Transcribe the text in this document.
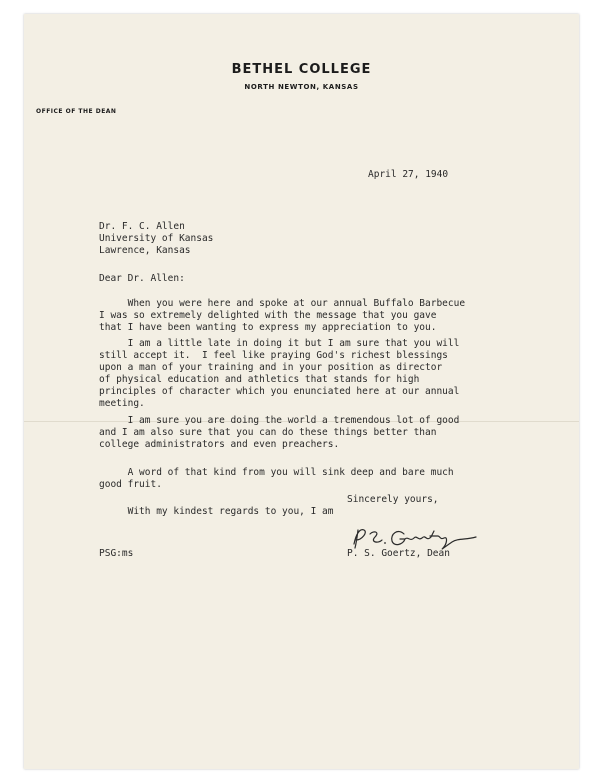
BETHEL COLLEGE
NORTH NEWTON, KANSAS
OFFICE OF THE DEAN
April 27, 1940
Dr. F. C. Allen
University of Kansas
Lawrence, Kansas
Dear Dr. Allen:
When you were here and spoke at our annual Buffalo Barbecue
I was so extremely delighted with the message that you gave
that I have been wanting to express my appreciation to you.
I am a little late in doing it but I am sure that you will
still accept it.  I feel like praying God's richest blessings
upon a man of your training and in your position as director
of physical education and athletics that stands for high
principles of character which you enunciated here at our annual
meeting.
I am sure you are doing the world a tremendous lot of good
and I am also sure that you can do these things better than
college administrators and even preachers.
A word of that kind from you will sink deep and bare much
good fruit.
With my kindest regards to you, I am
Sincerely yours,
PSG:ms	P. S. Goertz, Dean
